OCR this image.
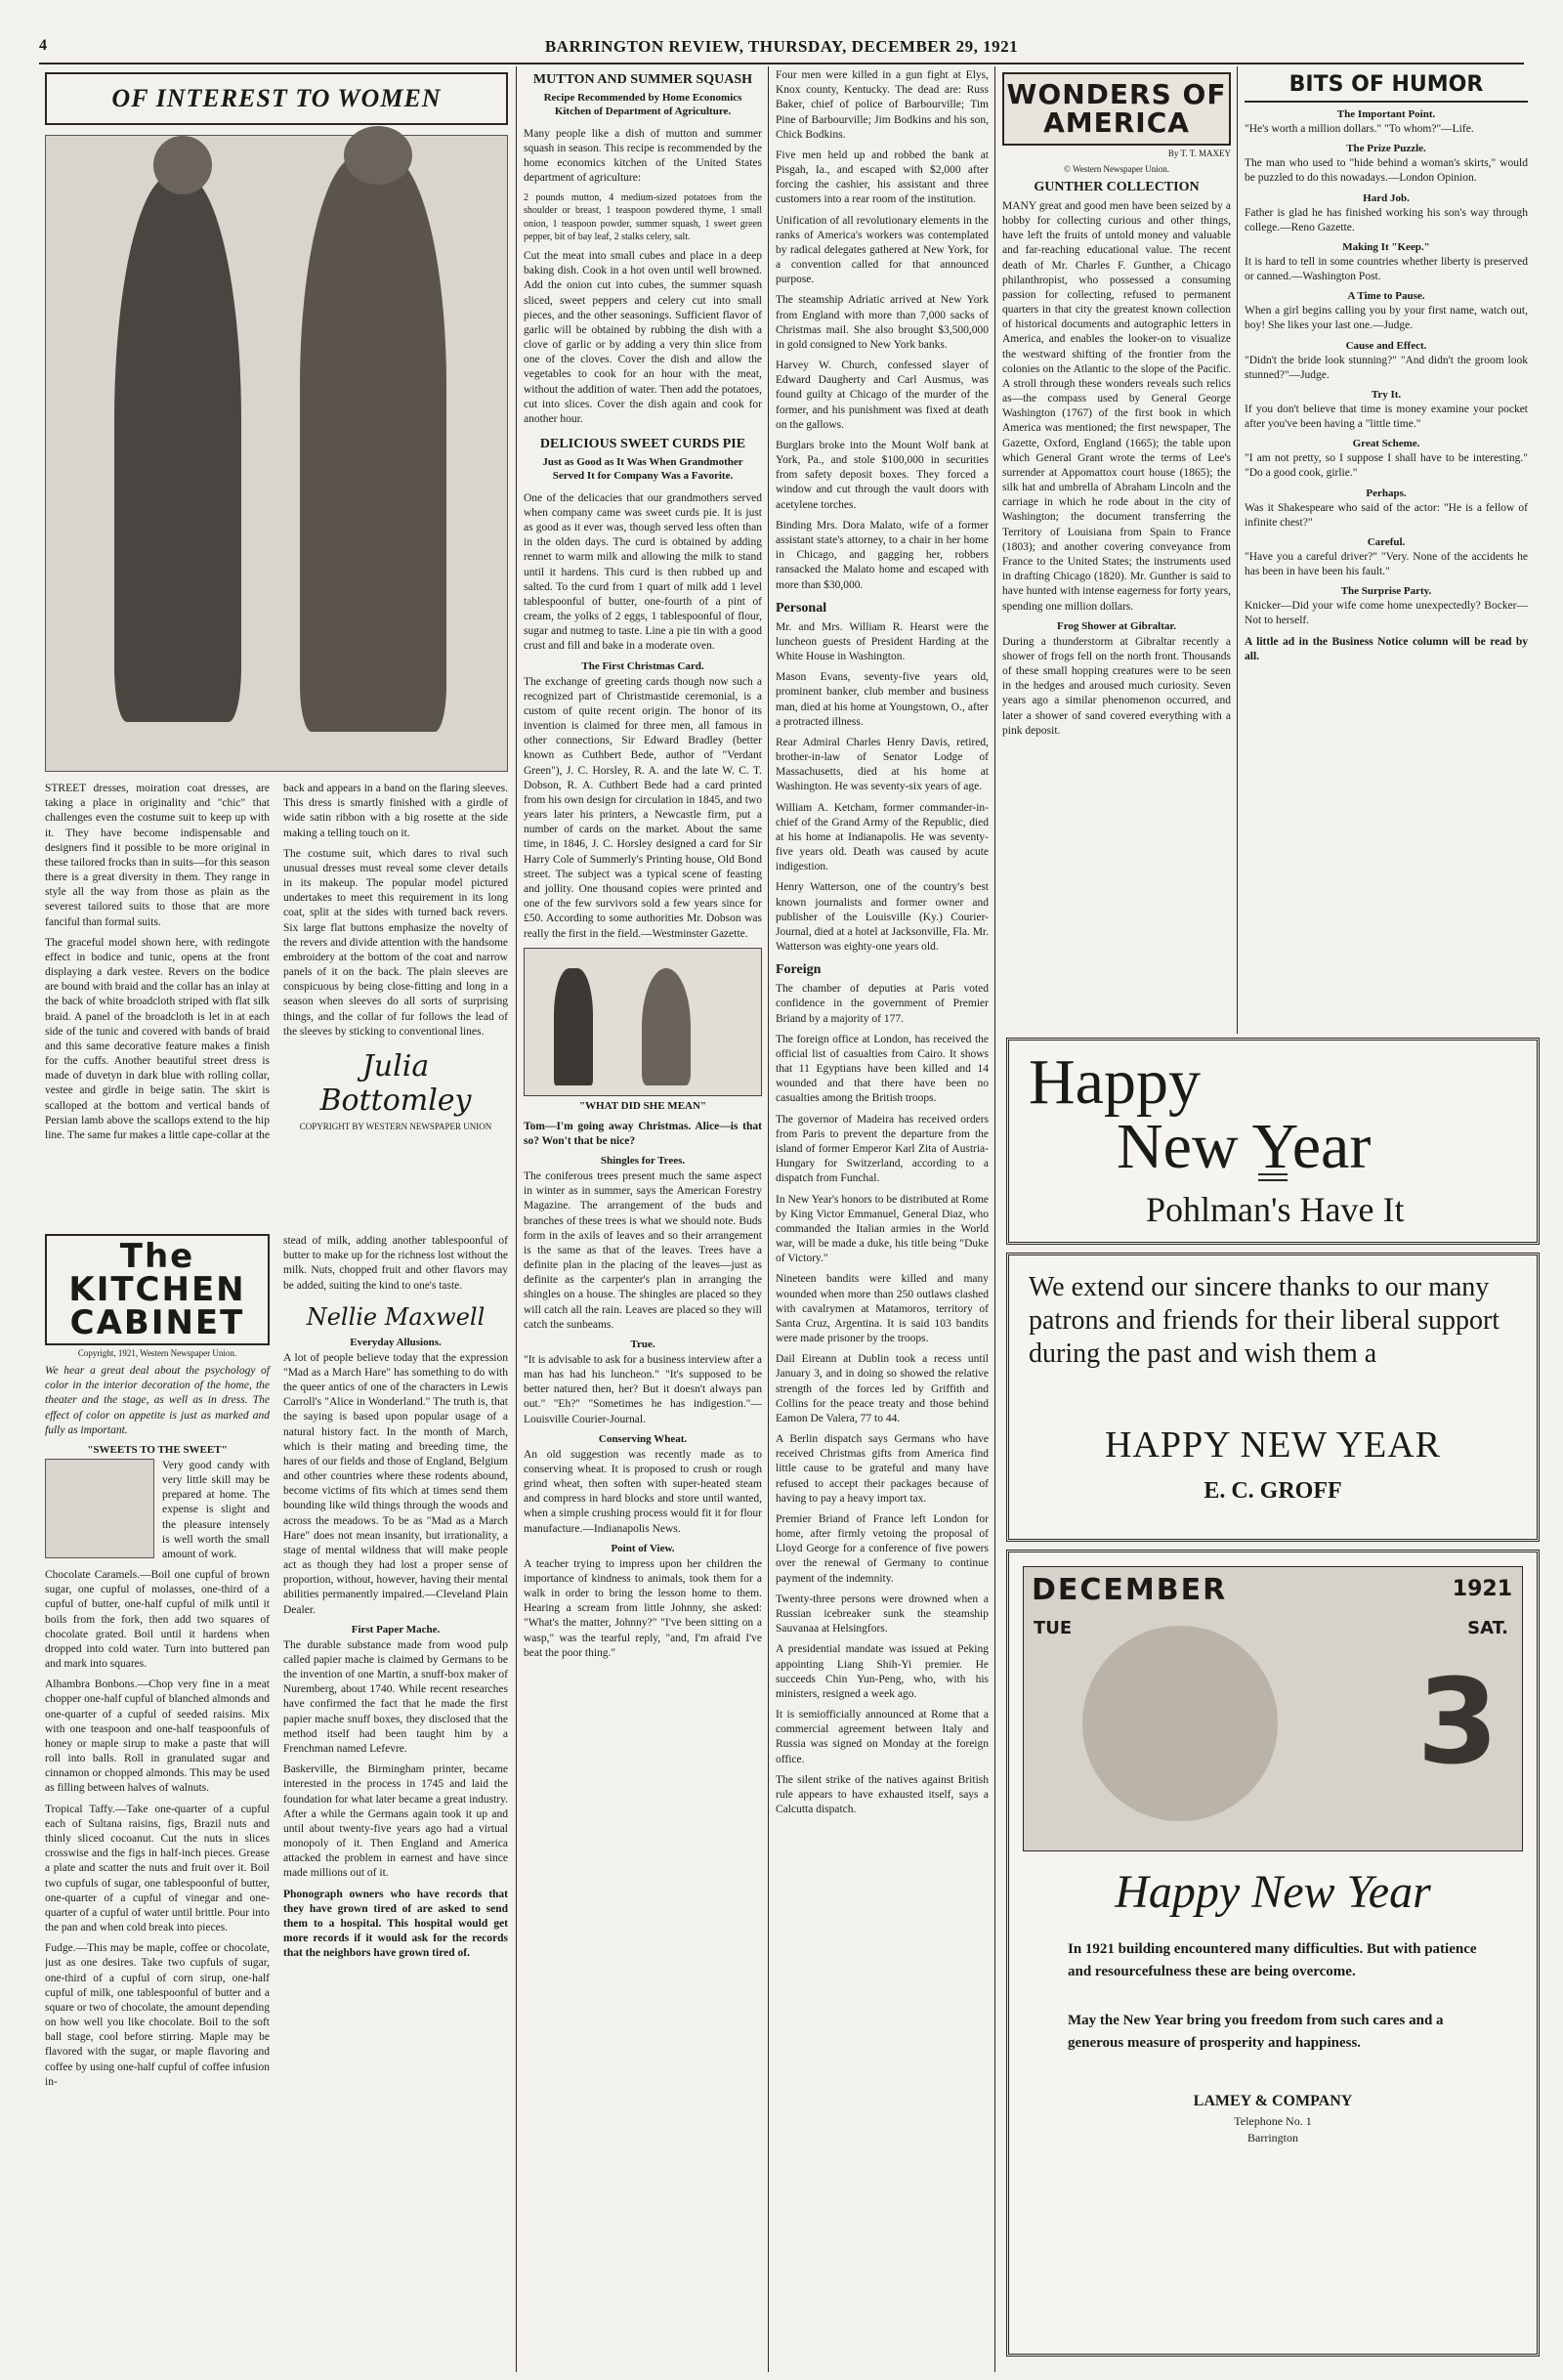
4	BARRINGTON REVIEW, THURSDAY, DECEMBER 29, 1921
OF INTEREST TO WOMEN

STREET dresses, moiration coat dresses, are taking a place in originality and "chic" that challenges even the costume suit to keep up with it. They have become indispensable and designers find it possible to be more original in these tailored frocks than in suits—for this season there is a great diversity in them. They range in style all the way from those as plain as the severest tailored suits to those that are more fanciful than formal suits.

The graceful model shown here, with redingote effect in bodice and tunic, opens at the front displaying a dark vestee. Revers on the bodice are bound with braid and the collar has an inlay at the back of white broadcloth striped with flat silk braid. A panel of the broadcloth is let in at each side of the tunic and covered with bands of braid and this same decorative feature makes a finish for the cuffs. Another beautiful street dress is made of duvetyn in dark blue with rolling collar, vestee and girdle in beige satin. The skirt is scalloped at the bottom and vertical bands of Persian lamb above the scallops extend to the hip line. The same fur makes a little cape-collar at the back and appears in a band on the flaring sleeves. This dress is smartly finished with a girdle of wide satin ribbon with a big rosette at the side making a telling touch on it.

The costume suit, which dares to rival such unusual dresses must reveal some clever details in its makeup. The popular model pictured undertakes to meet this requirement in its long coat, split at the sides with turned back revers. Six large flat buttons emphasize the novelty of the revers and divide attention with the handsome embroidery at the bottom of the coat and narrow panels of it on the back. The plain sleeves are conspicuous by being close-fitting and long in a season when sleeves do all sorts of surprising things, and the collar of fur follows the lead of the sleeves by sticking to conventional lines.

Julia Bottomley
COPYRIGHT BY WESTERN NEWSPAPER UNION
The KITCHEN CABINET
Copyright, 1921, Western Newspaper Union.

We hear a great deal about the psychology of color in the interior decoration of the home, the theater and the stage, as well as in dress. The effect of color on appetite is just as marked and fully as important.

"SWEETS TO THE SWEET"

Very good candy with very little skill may be prepared at home. The expense is slight and the pleasure intensely is well worth the small amount of work.

Chocolate Caramels.—Boil one cupful of brown sugar, one cupful of molasses, one-third of a cupful of butter, one-half cupful of milk until it boils from the fork, then add two squares of chocolate grated. Boil until it hardens when dropped into cold water. Turn into buttered pan and mark into squares.

Alhambra Bonbons.—Chop very fine in a meat chopper one-half cupful of blanched almonds and one-quarter of a cupful of seeded raisins. Mix with one teaspoon and one-half teaspoonfuls of honey or maple sirup to make a paste that will roll into balls. Roll in granulated sugar and cinnamon or chopped almonds. This may be used as filling between halves of walnuts.

Tropical Taffy.—Take one-quarter of a cupful each of Sultana raisins, figs, Brazil nuts and thinly sliced cocoanut. Cut the nuts in slices crosswise and the figs in half-inch pieces. Grease a plate and scatter the nuts and fruit over it. Boil two cupfuls of sugar, one tablespoonful of butter, one-quarter of a cupful of vinegar and one-quarter of a cupful of water until brittle. Pour into the pan and when cold break into pieces.

Fudge.—This may be maple, coffee or chocolate, just as one desires. Take two cupfuls of sugar, one-third of a cupful of corn sirup, one-half cupful of milk, one tablespoonful of butter and a square or two of chocolate, the amount depending on how well you like chocolate. Boil to the soft ball stage, cool before stirring. Maple may be flavored with the sugar, or maple flavoring and coffee by using one-half cupful of coffee infusion in-

stead of milk, adding another tablespoonful of butter to make up for the richness lost without the milk. Nuts, chopped fruit and other flavors may be added, suiting the kind to one's taste.

Nellie Maxwell
Everyday Allusions.

A lot of people believe today that the expression "Mad as a March Hare" has something to do with the queer antics of one of the characters in Lewis Carroll's "Alice in Wonderland." The truth is, that the saying is based upon popular usage of a natural history fact. In the month of March, which is their mating and breeding time, the hares of our fields and those of England, Belgium and other countries where these rodents abound, become victims of fits which at times send them bounding like wild things through the woods and across the meadows. To be as "Mad as a March Hare" does not mean insanity, but irrationality, a stage of mental wildness that will make people act as though they had lost a proper sense of proportion, without, however, having their mental abilities permanently impaired.—Cleveland Plain Dealer.

First Paper Mache.

The durable substance made from wood pulp called papier mache is claimed by Germans to be the invention of one Martin, a snuff-box maker of Nuremberg, about 1740. While recent researches have confirmed the fact that he made the first papier mache snuff boxes, they disclosed that the method itself had been taught him by a Frenchman named Lefevre.

Baskerville, the Birmingham printer, became interested in the process in 1745 and laid the foundation for what later became a great industry. After a while the Germans again took it up and until about twenty-five years ago had a virtual monopoly of it. Then England and America attacked the problem in earnest and have since made millions out of it.

Phonograph owners who have records that they have grown tired of are asked to send them to a hospital. This hospital would get more records if it would ask for the records that the neighbors have grown tired of.

MUTTON AND SUMMER SQUASH
Recipe Recommended by Home Economics Kitchen of Department of Agriculture.

Many people like a dish of mutton and summer squash in season. This recipe is recommended by the home economics kitchen of the United States department of agriculture:

2 pounds mutton, 4 medium-sized potatoes from the shoulder or breast, 1 teaspoon powdered thyme, 1 small onion, 1 teaspoon powder, summer squash, 1 sweet green pepper, bit of bay leaf, 2 stalks celery, salt.

Cut the meat into small cubes and place in a deep baking dish. Cook in a hot oven until well browned. Add the onion cut into cubes, the summer squash sliced, sweet peppers and celery cut into small pieces, and the other seasonings. Sufficient flavor of garlic will be obtained by rubbing the dish with a clove of garlic or by adding a very thin slice from one of the cloves. Cover the dish and allow the vegetables to cook for an hour with the meat, without the addition of water. Then add the potatoes, cut into slices. Cover the dish again and cook for another hour.

DELICIOUS SWEET CURDS PIE
Just as Good as It Was When Grandmother Served It for Company Was a Favorite.

One of the delicacies that our grandmothers served when company came was sweet curds pie. It is just as good as it ever was, though served less often than in the olden days. The curd is obtained by adding rennet to warm milk and allowing the milk to stand until it hardens. This curd is then rubbed up and salted. To the curd from 1 quart of milk add 1 level tablespoonful of butter, one-fourth of a pint of cream, the yolks of 2 eggs, 1 tablespoonful of flour, sugar and nutmeg to taste. Line a pie tin with a good crust and fill and bake in a moderate oven.

The First Christmas Card.

The exchange of greeting cards though now such a recognized part of Christmastide ceremonial, is a custom of quite recent origin. The honor of its invention is claimed for three men, all famous in other connections, Sir Edward Bradley (better known as Cuthbert Bede, author of "Verdant Green"), J. C. Horsley, R. A. and the late W. C. T. Dobson, R. A. Cuthbert Bede had a card printed from his own design for circulation in 1845, and two years later his printers, a Newcastle firm, put a number of cards on the market. About the same time, in 1846, J. C. Horsley designed a card for Sir Harry Cole of Summerly's Printing house, Old Bond street. The subject was a typical scene of feasting and jollity. One thousand copies were printed and one of the few survivors sold a few years since for £50. According to some authorities Mr. Dobson was really the first in the field.—Westminster Gazette.

"WHAT DID SHE MEAN"

Tom—I'm going away Christmas. Alice—is that so? Won't that be nice?

Shingles for Trees.

The coniferous trees present much the same aspect in winter as in summer, says the American Forestry Magazine. The arrangement of the buds and branches of these trees is what we should note. Buds form in the axils of leaves and so their arrangement is the same as that of the leaves. Trees have a definite plan in the placing of the leaves—just as definite as the carpenter's plan in arranging the shingles on a house. The shingles are placed so they will catch all the rain. Leaves are placed so they will catch the sunbeams.

True.

"It is advisable to ask for a business interview after a man has had his luncheon." "It's supposed to be better natured then, her? But it doesn't always pan out." "Eh?" "Sometimes he has indigestion."—Louisville Courier-Journal.

Conserving Wheat.

An old suggestion was recently made as to conserving wheat. It is proposed to crush or rough grind wheat, then soften with super-heated steam and compress in hard blocks and store until wanted, when a simple crushing process would fit it for flour manufacture.—Indianapolis News.

Point of View.

A teacher trying to impress upon her children the importance of kindness to animals, took them for a walk in order to bring the lesson home to them. Hearing a scream from little Johnny, she asked: "What's the matter, Johnny?" "I've been sitting on a wasp," was the tearful reply, "and, I'm afraid I've beat the poor thing."

Four men were killed in a gun fight at Elys, Knox county, Kentucky. The dead are: Russ Baker, chief of police of Barbourville; Tim Pine of Barbourville; Jim Bodkins and his son, Chick Bodkins.

Five men held up and robbed the bank at Pisgah, Ia., and escaped with $2,000 after forcing the cashier, his assistant and three customers into a rear room of the institution.

Unification of all revolutionary elements in the ranks of America's workers was contemplated by radical delegates gathered at New York, for a convention called for that announced purpose.

The steamship Adriatic arrived at New York from England with more than 7,000 sacks of Christmas mail. She also brought $3,500,000 in gold consigned to New York banks.

Harvey W. Church, confessed slayer of Edward Daugherty and Carl Ausmus, was found guilty at Chicago of the murder of the former, and his punishment was fixed at death on the gallows.

Burglars broke into the Mount Wolf bank at York, Pa., and stole $100,000 in securities from safety deposit boxes. They forced a window and cut through the vault doors with acetylene torches.

Binding Mrs. Dora Malato, wife of a former assistant state's attorney, to a chair in her home in Chicago, and gagging her, robbers ransacked the Malato home and escaped with more than $30,000.

Personal

Mr. and Mrs. William R. Hearst were the luncheon guests of President Harding at the White House in Washington.

Mason Evans, seventy-five years old, prominent banker, club member and business man, died at his home at Youngstown, O., after a protracted illness.

Rear Admiral Charles Henry Davis, retired, brother-in-law of Senator Lodge of Massachusetts, died at his home at Washington. He was seventy-six years of age.

William A. Ketcham, former commander-in-chief of the Grand Army of the Republic, died at his home at Indianapolis. He was seventy-five years old. Death was caused by acute indigestion.

Henry Watterson, one of the country's best known journalists and former owner and publisher of the Louisville (Ky.) Courier-Journal, died at a hotel at Jacksonville, Fla. Mr. Watterson was eighty-one years old.

Foreign

The chamber of deputies at Paris voted confidence in the government of Premier Briand by a majority of 177.

The foreign office at London, has received the official list of casualties from Cairo. It shows that 11 Egyptians have been killed and 14 wounded and that there have been no casualties among the British troops.

The governor of Madeira has received orders from Paris to prevent the departure from the island of former Emperor Karl Zita of Austria-Hungary for Switzerland, according to a dispatch from Funchal.

In New Year's honors to be distributed at Rome by King Victor Emmanuel, General Diaz, who commanded the Italian armies in the World war, will be made a duke, his title being "Duke of Victory."

Nineteen bandits were killed and many wounded when more than 250 outlaws clashed with cavalrymen at Matamoros, territory of Santa Cruz, Argentina. It is said 103 bandits were made prisoner by the troops.

Dail Eireann at Dublin took a recess until January 3, and in doing so showed the relative strength of the forces led by Griffith and Collins for the peace treaty and those behind Eamon De Valera, 77 to 44.

A Berlin dispatch says Germans who have received Christmas gifts from America find little cause to be grateful and many have refused to accept their packages because of having to pay a heavy import tax.

Premier Briand of France left London for home, after firmly vetoing the proposal of Lloyd George for a conference of five powers over the renewal of Germany to continue payment of the indemnity.

Twenty-three persons were drowned when a Russian icebreaker sunk the steamship Sauvanaa at Helsingfors.

A presidential mandate was issued at Peking appointing Liang Shih-Yi premier. He succeeds Chin Yun-Peng, who, with his ministers, resigned a week ago.

It is semiofficially announced at Rome that a commercial agreement between Italy and Russia was signed on Monday at the foreign office.

The silent strike of the natives against British rule appears to have exhausted itself, says a Calcutta dispatch.

WONDERS OF AMERICA
By T. T. MAXEY
© Western Newspaper Union.
GUNTHER COLLECTION

MANY great and good men have been seized by a hobby for collecting curious and other things, have left the fruits of untold money and valuable and far-reaching educational value. The recent death of Mr. Charles F. Gunther, a Chicago philanthropist, who possessed a consuming passion for collecting, refused to permanent quarters in that city the greatest known collection of historical documents and autographic letters in America, and enables the looker-on to visualize the westward shifting of the frontier from the colonies on the Atlantic to the slope of the Pacific. A stroll through these wonders reveals such relics as—the compass used by General George Washington (1767) of the first book in which America was mentioned; the first newspaper, The Gazette, Oxford, England (1665); the table upon which General Grant wrote the terms of Lee's surrender at Appomattox court house (1865); the silk hat and umbrella of Abraham Lincoln and the carriage in which he rode about in the city of Washington; the document transferring the Territory of Louisiana from Spain to France (1803); and another covering conveyance from France to the United States; the instruments used in drafting Chicago (1820). Mr. Gunther is said to have hunted with intense eagerness for forty years, spending one million dollars.

Frog Shower at Gibraltar.

During a thunderstorm at Gibraltar recently a shower of frogs fell on the north front. Thousands of these small hopping creatures were to be seen in the hedges and aroused much curiosity. Seven years ago a similar phenomenon occurred, and later a shower of sand covered everything with a pink deposit.

BITS OF HUMOR
The Important Point.

"He's worth a million dollars." "To whom?"—Life.

The Prize Puzzle.

The man who used to "hide behind a woman's skirts," would be puzzled to do this nowadays.—London Opinion.

Hard Job.

Father is glad he has finished working his son's way through college.—Reno Gazette.

Making It "Keep."

It is hard to tell in some countries whether liberty is preserved or canned.—Washington Post.

A Time to Pause.

When a girl begins calling you by your first name, watch out, boy! She likes your last one.—Judge.

Cause and Effect.

"Didn't the bride look stunning?" "And didn't the groom look stunned?"—Judge.

Try It.

If you don't believe that time is money examine your pocket after you've been having a "little time."

Great Scheme.

"I am not pretty, so I suppose I shall have to be interesting." "Do a good cook, girlie."

Perhaps.

Was it Shakespeare who said of the actor: "He is a fellow of infinite chest?"

Careful.

"Have you a careful driver?" "Very. None of the accidents he has been in have been his fault."

The Surprise Party.

Knicker—Did your wife come home unexpectedly? Bocker—Not to herself.

A little ad in the Business Notice column will be read by all.

Happy
New Year
Pohlman's Have It
We extend our sincere thanks to our many patrons and friends for their liberal support during the past and wish them a
HAPPY NEW YEAR
E. C. GROFF
DECEMBER	1921
TUE	SAT.
3
Happy New Year
In 1921 building encountered many difficulties. But with patience and resourcefulness these are being overcome.
May the New Year bring you freedom from such cares and a generous measure of prosperity and happiness.
LAMEY & COMPANY
Telephone No. 1
Barrington
